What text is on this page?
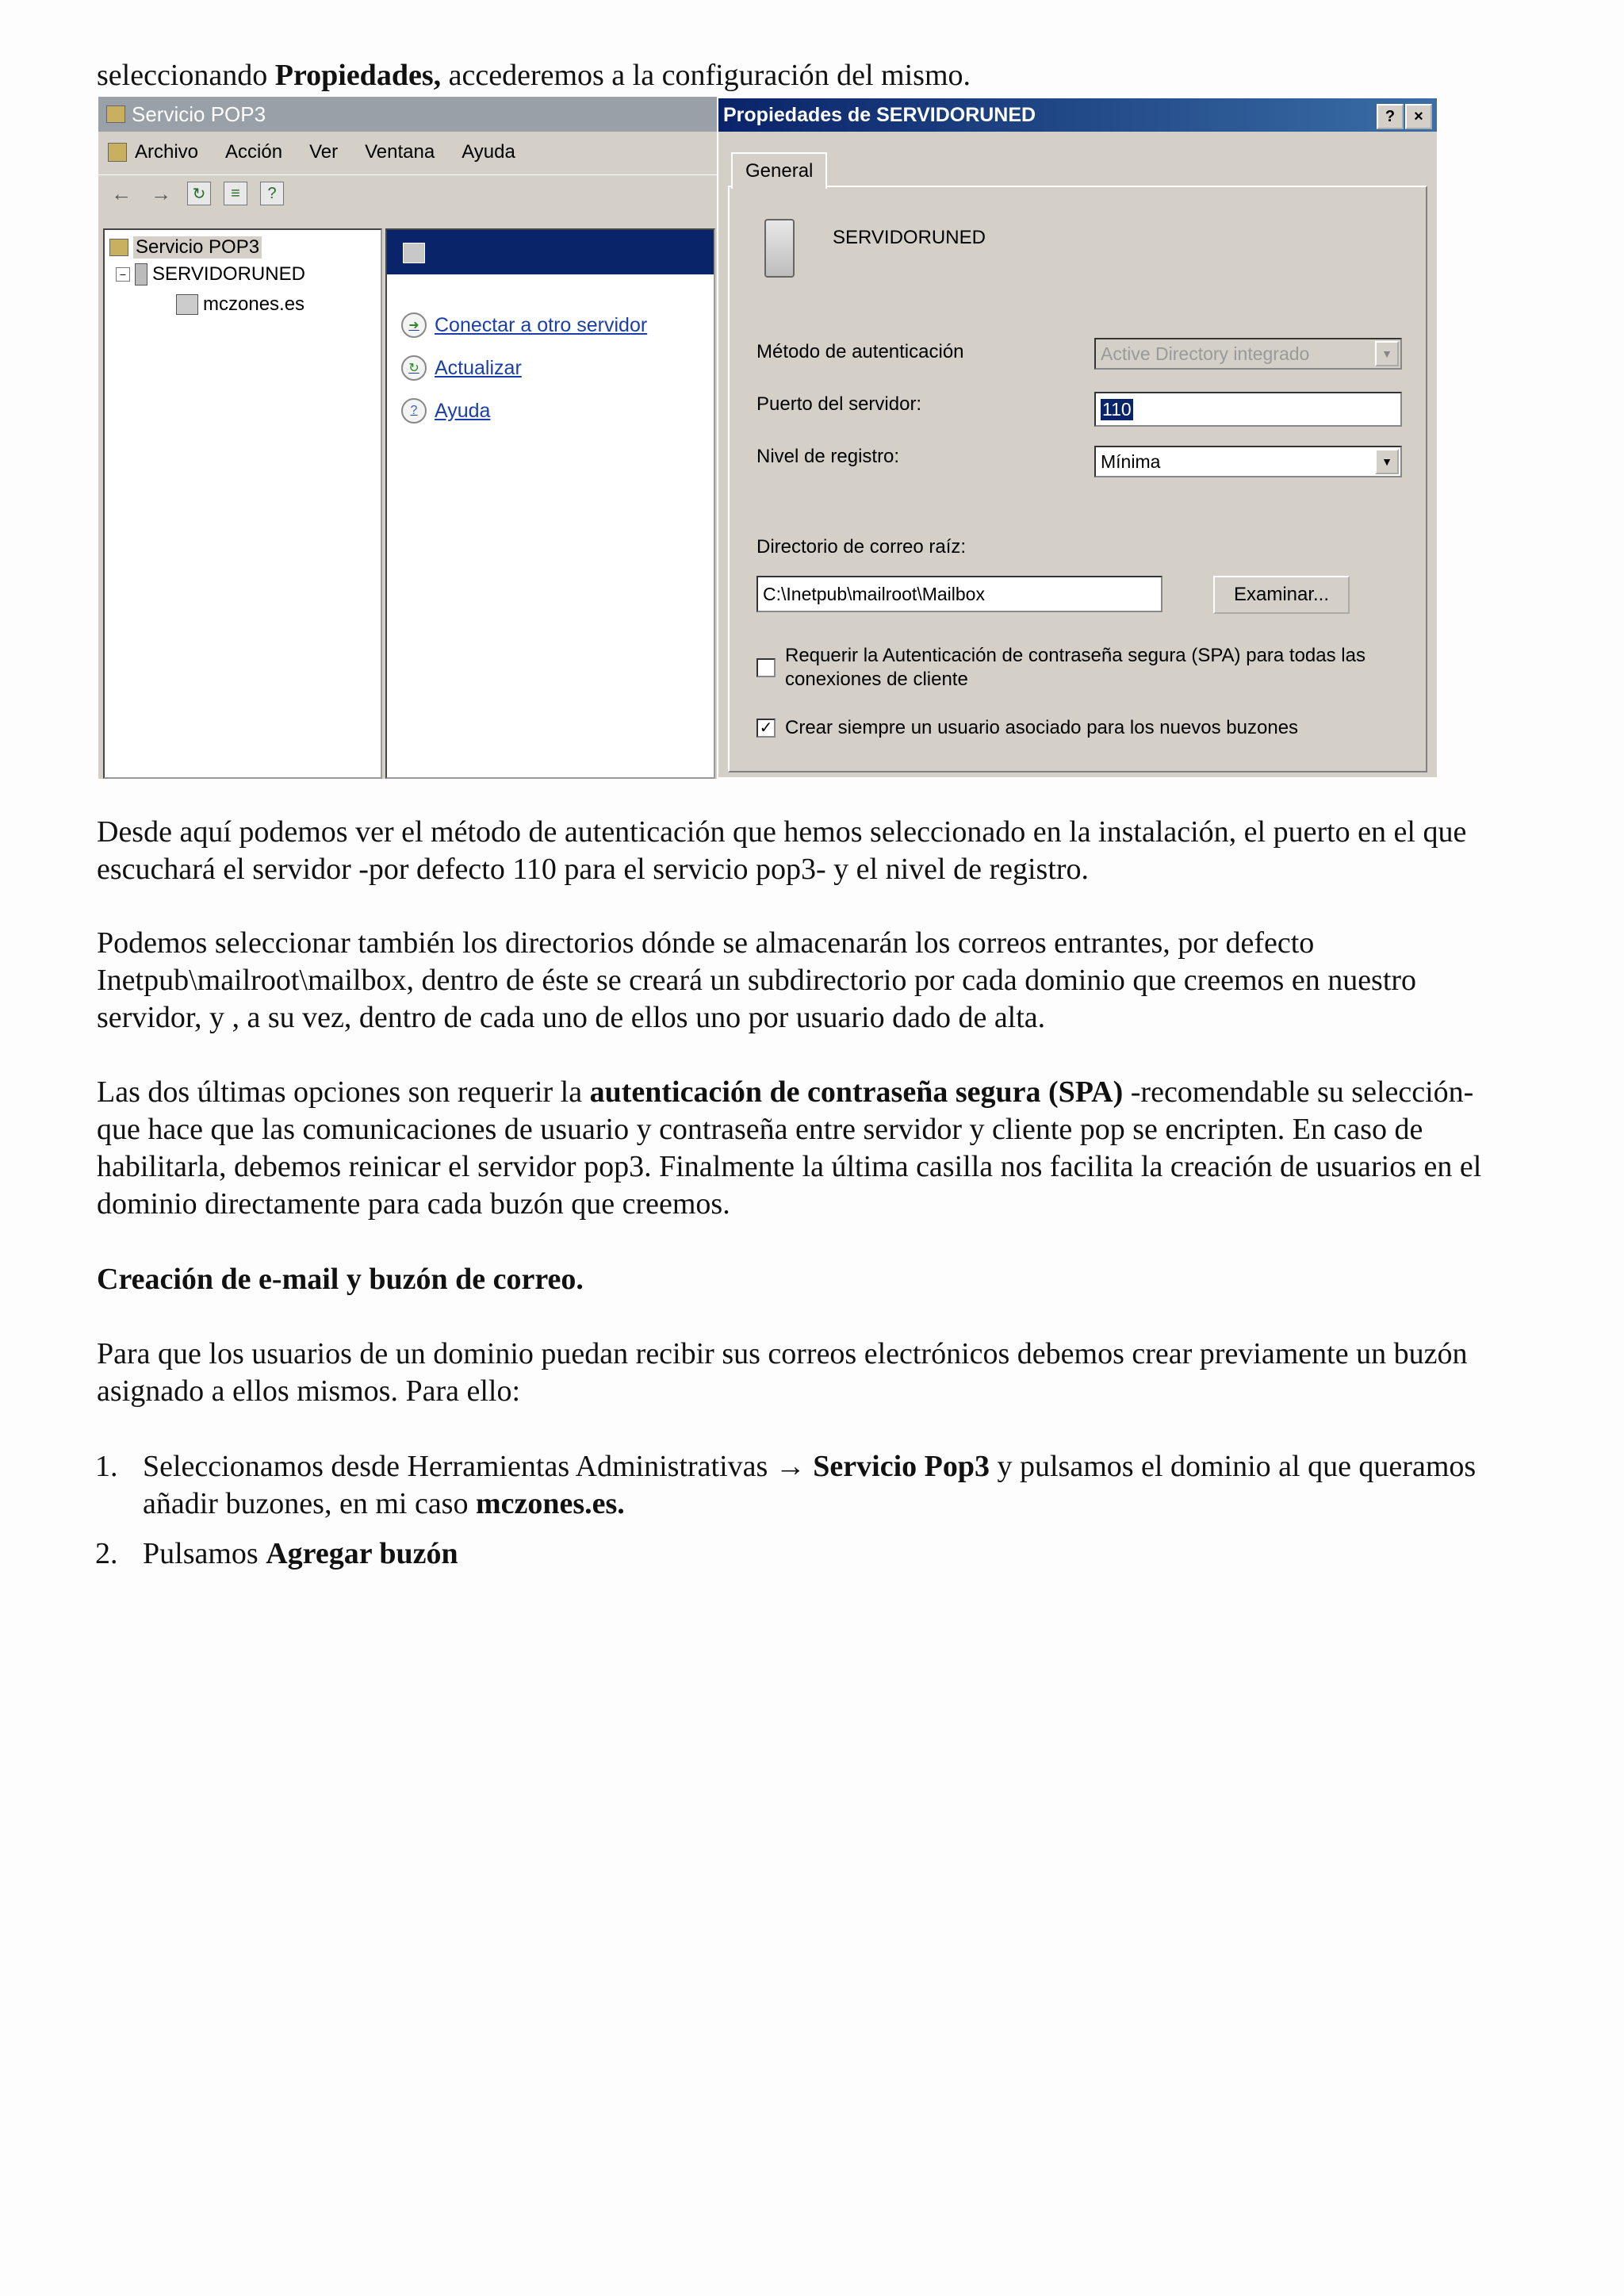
seleccionando Propiedades, accederemos a la configuración del mismo.

Servicio POP3
Archivo Acción Ver Ventana Ayuda
← →	↻	≡	?
Servicio POP3
− SERVIDORUNED
mczones.es
➜ Conectar a otro servidor
↻ Actualizar
? Ayuda
Propiedades de SERVIDORUNED	?	×
General
SERVIDORUNED
Método de autenticación	Active Directory integrado	▼
Puerto del servidor:	110
Nivel de registro:	Mínima	▼
Directorio de correo raíz:
C:\Inetpub\mailroot\Mailbox	Examinar...
Requerir la Autenticación de contraseña segura (SPA) para todas las conexiones de cliente
✓ Crear siempre un usuario asociado para los nuevos buzones

Desde aquí podemos ver el método de autenticación que hemos seleccionado en la instalación, el puerto en el que escuchará el servidor -por defecto 110 para el servicio pop3- y el nivel de registro.

Podemos seleccionar también los directorios dónde se almacenarán los correos entrantes, por defecto Inetpub\mailroot\mailbox, dentro de éste se creará un subdirectorio por cada dominio que creemos en nuestro servidor, y , a su vez, dentro de cada uno de ellos uno por usuario dado de alta.

Las dos últimas opciones son requerir la autenticación de contraseña segura (SPA) -recomendable su selección- que hace que las comunicaciones de usuario y contraseña entre servidor y cliente pop se encripten. En caso de habilitarla, debemos reinicar el servidor pop3. Finalmente la última casilla nos facilita la creación de usuarios en el dominio directamente para cada buzón que creemos.

Creación de e-mail y buzón de correo.

Para que los usuarios de un dominio puedan recibir sus correos electrónicos debemos crear previamente un buzón asignado a ellos mismos. Para ello:

1. Seleccionamos desde Herramientas Administrativas → Servicio Pop3 y pulsamos el dominio al que queramos añadir buzones, en mi caso mczones.es.
2. Pulsamos Agregar buzón
